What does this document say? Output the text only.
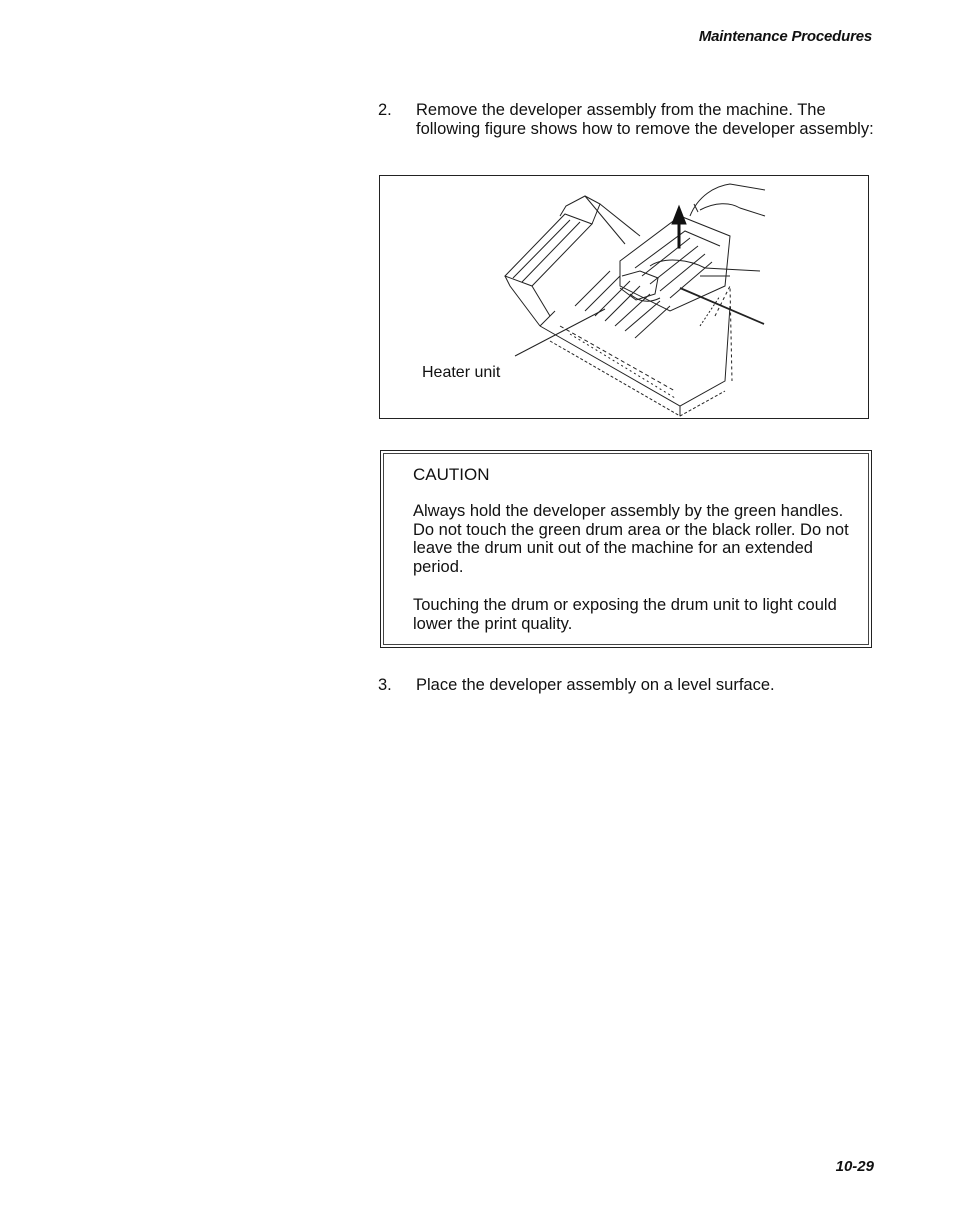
Maintenance Procedures
2. Remove the developer assembly from the machine. The following figure shows how to remove the developer assembly:
Heater unit
CAUTION
Always hold the developer assembly by the green handles. Do not touch the green drum area or the black roller. Do not leave the drum unit out of the machine for an extended period.
Touching the drum or exposing the drum unit to light could lower the print quality.
3. Place the developer assembly on a level surface.
10-29
